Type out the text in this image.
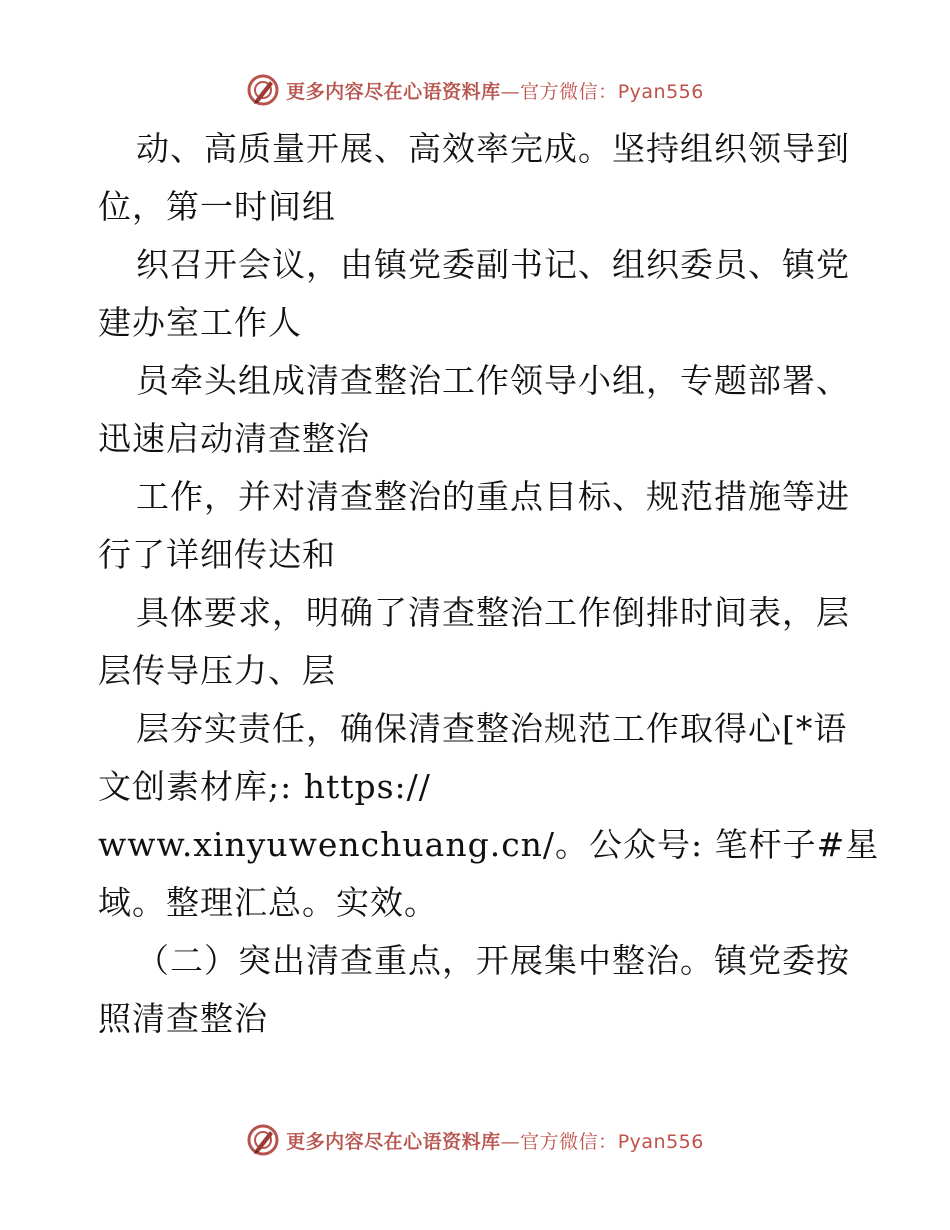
更多内容尽在心语资料库—官方微信：Pyan556
动、高质量开展、高效率完成。坚持组织领导到
位，第一时间组
织召开会议，由镇党委副书记、组织委员、镇党
建办室工作人
员牵头组成清查整治工作领导小组，专题部署、
迅速启动清查整治
工作，并对清查整治的重点目标、规范措施等进
行了详细传达和
具体要求，明确了清查整治工作倒排时间表，层
层传导压力、层
层夯实责任，确保清查整治规范工作取得心[*语
文创素材库;: https://
www.xinyuwenchuang.cn/。公众号: 笔杆子#星
域。整理汇总。实效。
（二）突出清查重点，开展集中整治。镇党委按
照清查整治
更多内容尽在心语资料库—官方微信：Pyan556
